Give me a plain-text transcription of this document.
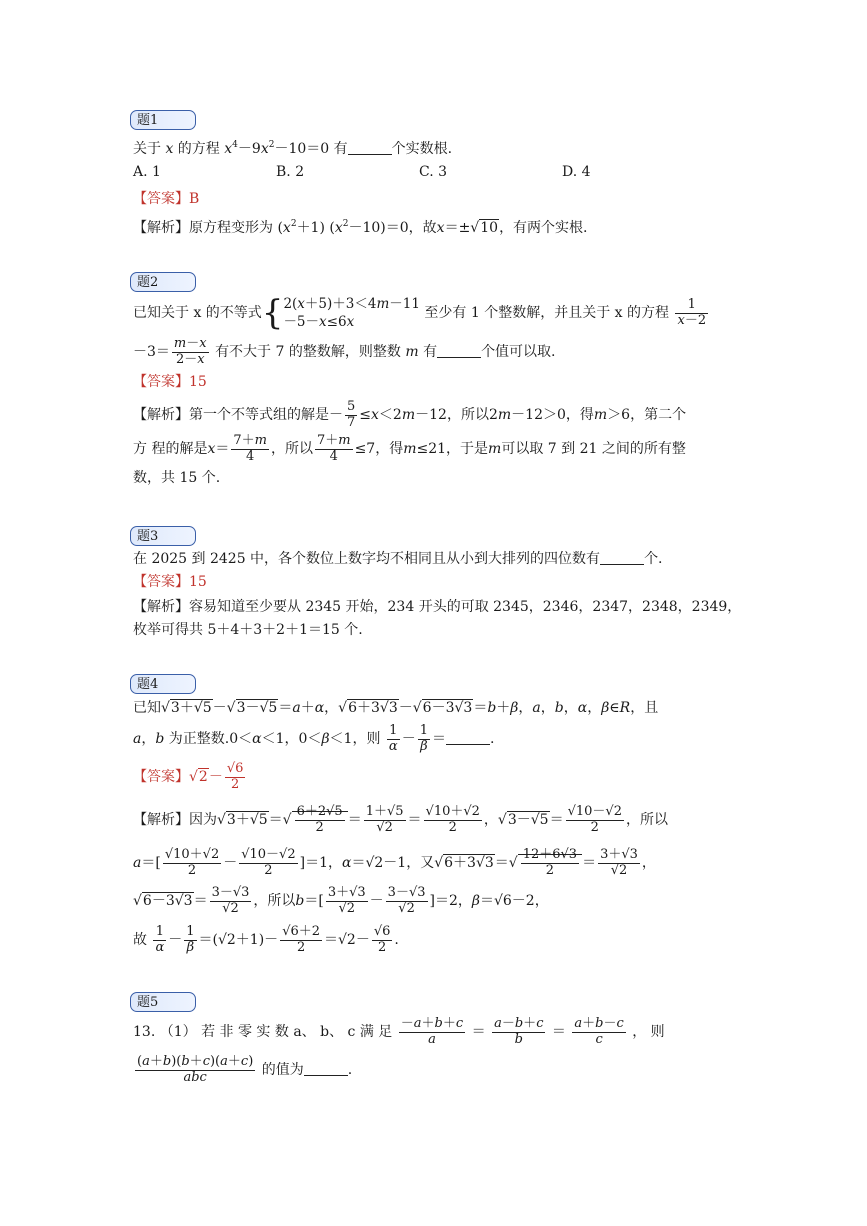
题1
关于 x 的方程 $x^4-9x^2-10=0$ 有	个实数根.
A. 1	B. 2	C. 3	D. 4
【答案】B
【解析】原方程变形为 $(x^2+1)$ $(x^2-10)=0$，故x＝±√10，有两个实根.
题2
已知关于 x 的不等式{ 2(x＋5)＋3＜4m－11
－5－x≤6x
至少有 1 个整数解，并且关于 x 的方程 $\frac{1}{x-2}$
$-3= \frac{m-x}{2-x}$ 有不大于 7 的整数解，则整数 m 有	个值可以取.
【答案】15
【解析】第一个不等式组的解是－ $\frac{5}{7} \le x<2m-12$，所以2m－12＞0，得m＞6，第二个
方 程的解是$x= \frac{7+m}{4}$ ，所以 $\frac{7+m}{4} \le 7$，得m≤21，于是m可以取 7 到 21 之间的所有整
数，共 15 个.
题3
在 2025 到 2425 中，各个数位上数字均不相同且从小到大排列的四位数有	个.
【答案】15
【解析】容易知道至少要从 2345 开始，234 开头的可取 2345，2346，2347，2348，2349，
枚举可得共 5＋4＋3＋2＋1＝15 个.
题4
已知√3＋√5－√3－√5＝a＋α，√6＋3√3－√6－3√3＝b＋β，a，b，α，β∈R，且
a，b 为正整数.0＜α＜1，0＜β＜1，则 $\frac{1}{\alpha} - \frac{1}{\beta}$ ＝	.
【答案】$√2- \frac{√6}{2}$
【解析】因为$√3+√5=√ \frac{6+2√5}{2} = \frac{1+√5}{√2} = \frac{√10+√2}{2}$ ，$√3-√5= \frac{√10-√2}{2}$ ，所以
$a=[ \frac{√10+√2}{2} - \frac{√10-√2}{2} ]=1$，α＝√2－1，又$√6+3√3=√ \frac{12+6√3}{2} = \frac{3+√3}{√2}$ ，
$√6-3√3= \frac{3-√3}{√2}$ ，所以$b=[ \frac{3+√3}{√2} - \frac{3-√3}{√2} ]=2$，β＝√6－2，
故 $\frac{1}{\alpha} - \frac{1}{\beta} =(√2+1)- \frac{√6+2}{2} =√2- \frac{√6}{2}$ .
题5
13. （1） 若 非 零 实 数 a、 b、 c 满 足 $\frac{-a+b+c}{a} = \frac{a-b+c}{b} = \frac{a+b-c}{c}$ ， 则
$\frac{(a+b)(b+c)(a+c)}{\text{abc}}$ 的值为	.
